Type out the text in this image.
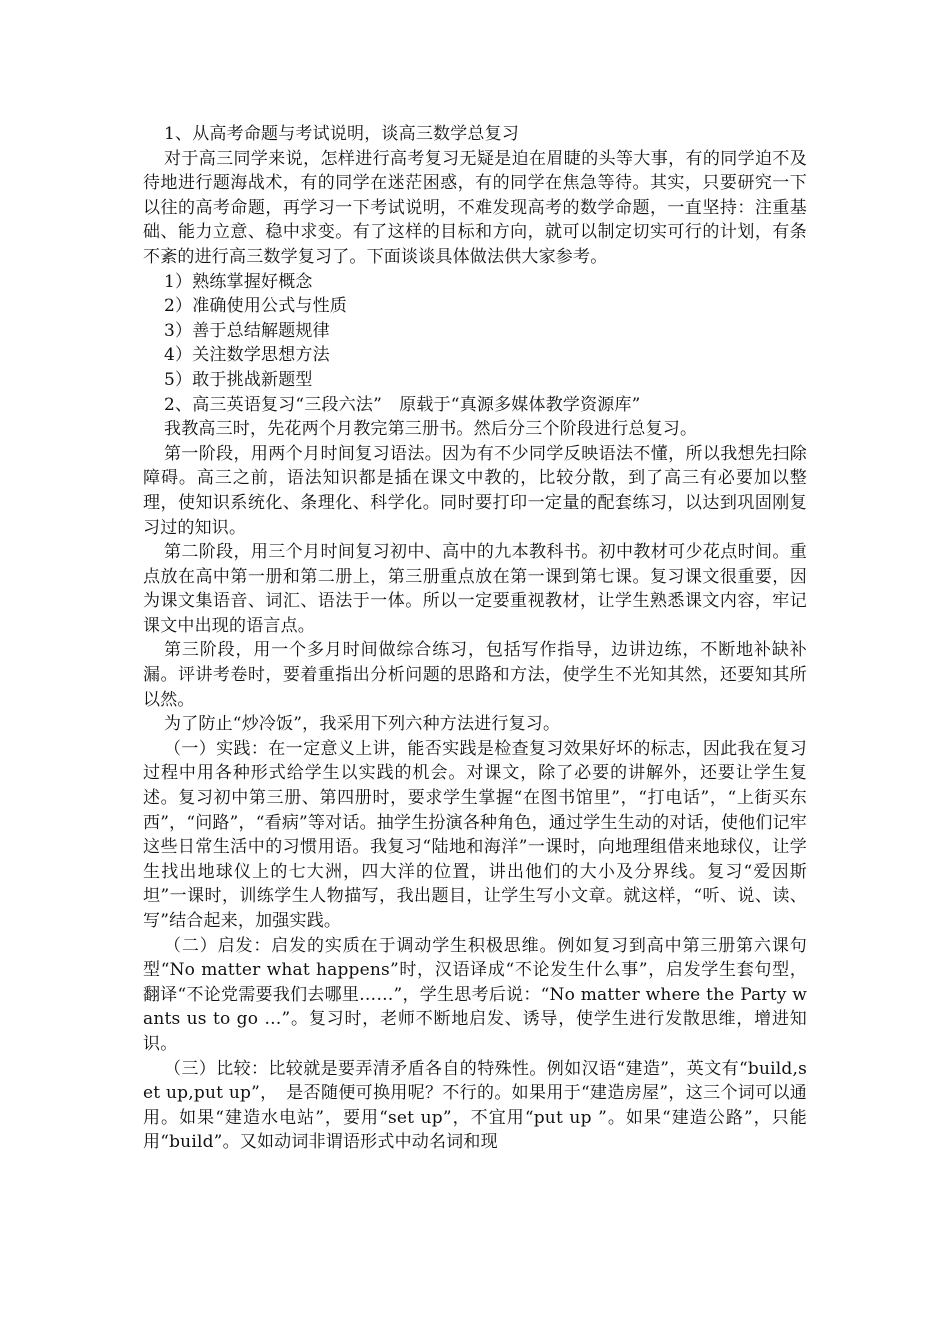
1、从高考命题与考试说明，谈高三数学总复习

对于高三同学来说，怎样进行高考复习无疑是迫在眉睫的头等大事，有的同学迫不及待地进行题海战术，有的同学在迷茫困惑，有的同学在焦急等待。其实，只要研究一下以往的高考命题，再学习一下考试说明，不难发现高考的数学命题，一直坚持：注重基础、能力立意、稳中求变。有了这样的目标和方向，就可以制定切实可行的计划，有条不紊的进行高三数学复习了。下面谈谈具体做法供大家参考。

1）熟练掌握好概念

2）准确使用公式与性质

3）善于总结解题规律

4）关注数学思想方法

5）敢于挑战新题型

2、高三英语复习“三段六法”　原载于“真源多媒体教学资源库”

我教高三时，先花两个月教完第三册书。然后分三个阶段进行总复习。

第一阶段，用两个月时间复习语法。因为有不少同学反映语法不懂，所以我想先扫除障碍。高三之前，语法知识都是插在课文中教的，比较分散，到了高三有必要加以整理，使知识系统化、条理化、科学化。同时要打印一定量的配套练习，以达到巩固刚复习过的知识。

第二阶段，用三个月时间复习初中、高中的九本教科书。初中教材可少花点时间。重点放在高中第一册和第二册上，第三册重点放在第一课到第七课。复习课文很重要，因为课文集语音、词汇、语法于一体。所以一定要重视教材，让学生熟悉课文内容，牢记课文中出现的语言点。

第三阶段，用一个多月时间做综合练习，包括写作指导，边讲边练，不断地补缺补漏。评讲考卷时，要着重指出分析问题的思路和方法，使学生不光知其然，还要知其所以然。

为了防止“炒冷饭”，我采用下列六种方法进行复习。

（一）实践：在一定意义上讲，能否实践是检查复习效果好坏的标志，因此我在复习过程中用各种形式给学生以实践的机会。对课文，除了必要的讲解外，还要让学生复述。复习初中第三册、第四册时，要求学生掌握“在图书馆里”，“打电话”，“上街买东西”，“问路”，“看病”等对话。抽学生扮演各种角色，通过学生生动的对话，使他们记牢这些日常生活中的习惯用语。我复习“陆地和海洋”一课时，向地理组借来地球仪，让学生找出地球仪上的七大洲，四大洋的位置，讲出他们的大小及分界线。复习“爱因斯坦”一课时，训练学生人物描写，我出题目，让学生写小文章。就这样，“听、说、读、写”结合起来，加强实践。

（二）启发：启发的实质在于调动学生积极思维。例如复习到高中第三册第六课句型“No matter what happens”时，汉语译成“不论发生什么事”，启发学生套句型，翻译“不论党需要我们去哪里……”，学生思考后说：“No matter where the Party wants us to go …”。复习时，老师不断地启发、诱导，使学生进行发散思维，增进知识。

（三）比较：比较就是要弄清矛盾各自的特殊性。例如汉语“建造”，英文有“build,set up,put up”，　是否随便可换用呢？不行的。如果用于“建造房屋”，这三个词可以通用。如果“建造水电站”，要用“set up”，不宜用“put up ”。如果“建造公路”，只能用“build”。又如动词非谓语形式中动名词和现
